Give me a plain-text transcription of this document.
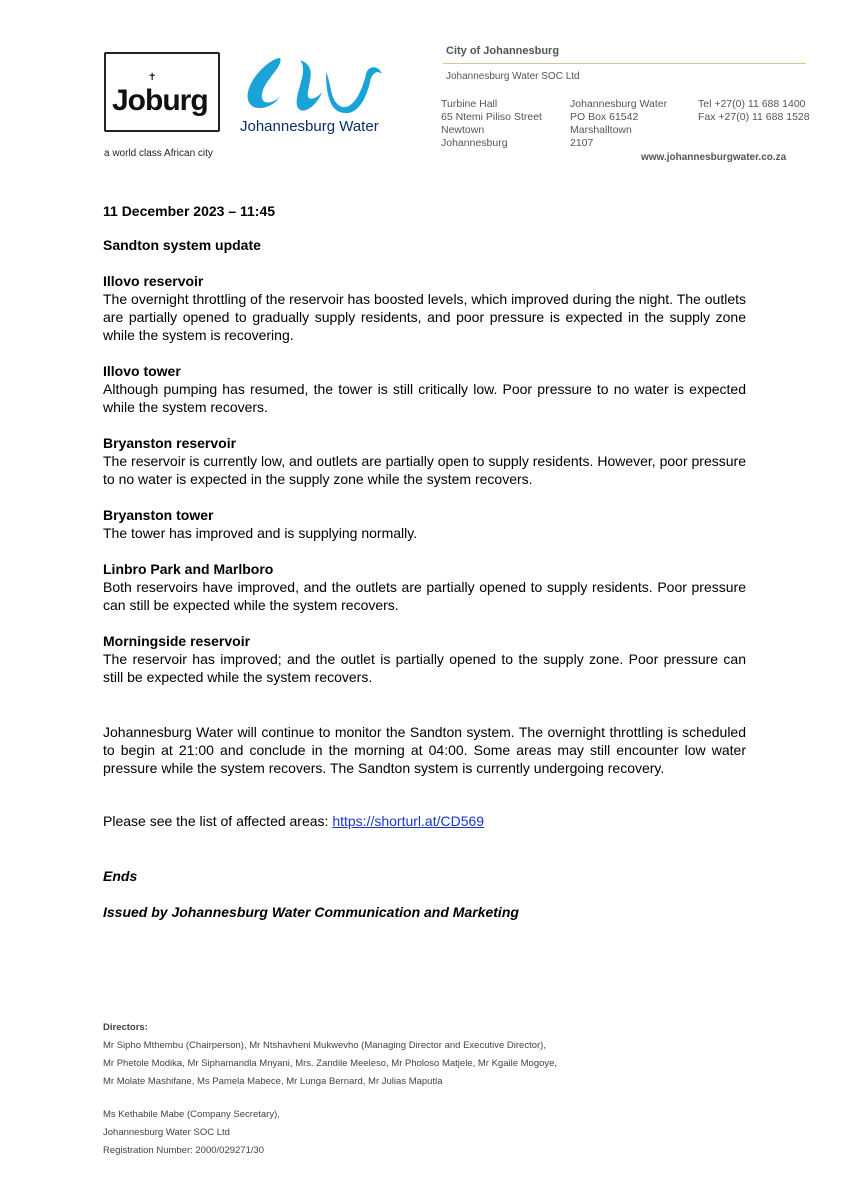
✝
Joburg
a world class African city
Johannesburg Water
City of Johannesburg
Johannesburg Water SOC Ltd
Turbine Hall
65 Ntemi Piliso Street
Newtown
Johannesburg
Johannesburg Water
PO Box 61542
Marshalltown
2107
Tel +27(0) 11 688 1400
Fax +27(0) 11 688 1528
www.johannesburgwater.co.za
11 December 2023 – 11:45
Sandton system update
Illovo reservoir
The overnight throttling of the reservoir has boosted levels, which improved during the night. The outlets are partially opened to gradually supply residents, and poor pressure is expected in the supply zone while the system is recovering.
Illovo tower
Although pumping has resumed, the tower is still critically low. Poor pressure to no water is expected while the system recovers.
Bryanston reservoir
The reservoir is currently low, and outlets are partially open to supply residents. However, poor pressure to no water is expected in the supply zone while the system recovers.
Bryanston tower
The tower has improved and is supplying normally.
Linbro Park and Marlboro
Both reservoirs have improved, and the outlets are partially opened to supply residents. Poor pressure can still be expected while the system recovers.
Morningside reservoir
The reservoir has improved; and the outlet is partially opened to the supply zone. Poor pressure can still be expected while the system recovers.
Johannesburg Water will continue to monitor the Sandton system. The overnight throttling is scheduled to begin at 21:00 and conclude in the morning at 04:00. Some areas may still encounter low water pressure while the system recovers. The Sandton system is currently undergoing recovery.
Please see the list of affected areas: https://shorturl.at/CD569
Ends
Issued by Johannesburg Water Communication and Marketing
Directors:
Mr Sipho Mthembu (Chairperson), Mr Ntshavheni Mukwevho (Managing Director and Executive Director),
Mr Phetole Modika, Mr Siphamandla Mnyani, Mrs. Zandile Meeleso, Mr Pholoso Matjele, Mr Kgaile Mogoye,
Mr Molate Mashifane, Ms Pamela Mabece, Mr Lunga Bernard, Mr Julias Maputla
Ms Kethabile Mabe (Company Secretary),
Johannesburg Water SOC Ltd
Registration Number: 2000/029271/30
